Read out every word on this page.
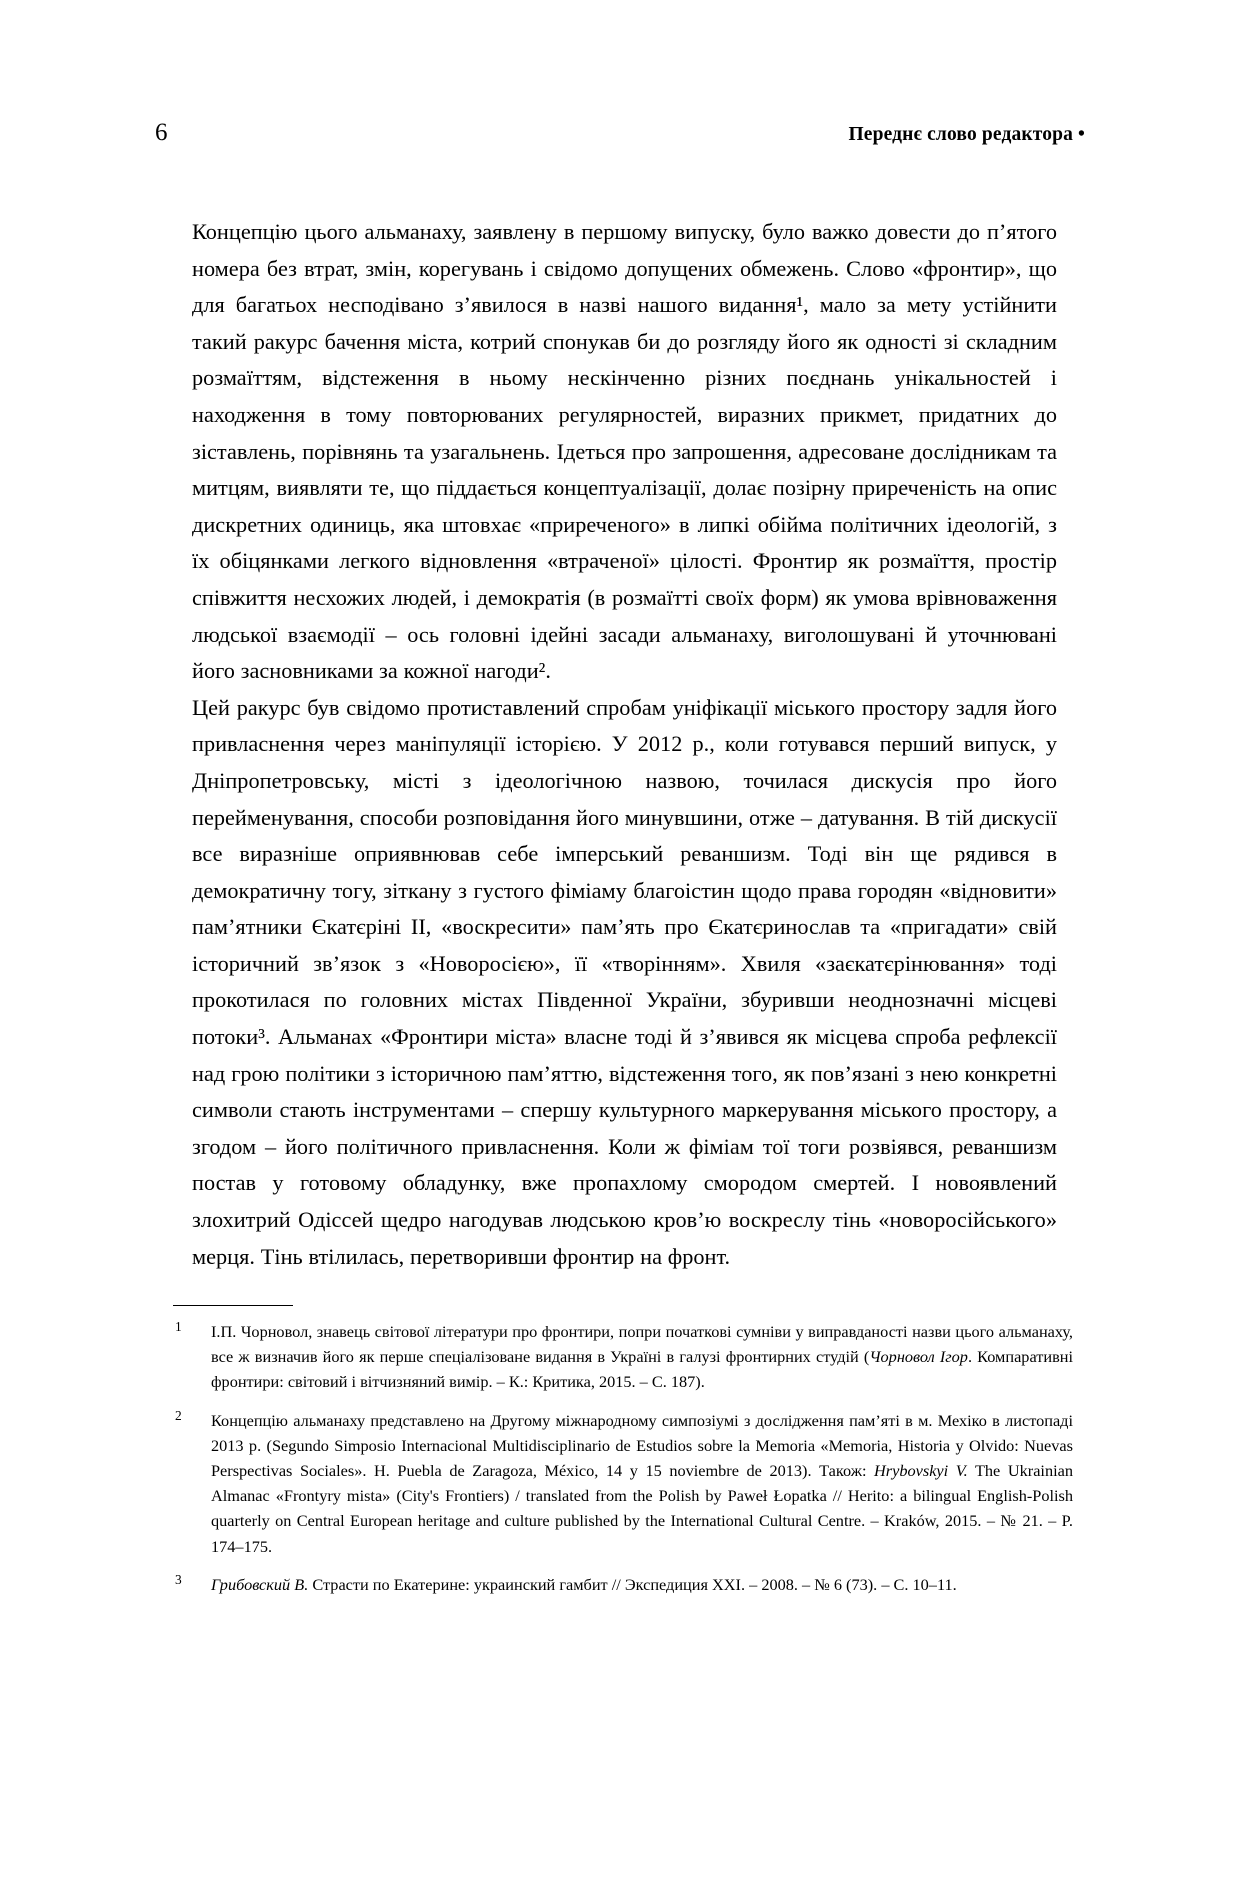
6	Переднє слово редактора •

Концепцію цього альманаху, заявлену в першому випуску, було важко довести до п’ятого номера без втрат, змін, корегувань і свідомо допущених обмежень. Слово «фронтир», що для багатьох несподівано з’явилося в назві нашого видання¹, мало за мету устійнити такий ракурс бачення міста, котрий спонукав би до розгляду його як одності зі складним розмаїттям, відстеження в ньому нескінченно різних поєднань унікальностей і находження в тому повторюваних регулярностей, виразних прикмет, придатних до зіставлень, порівнянь та узагальнень. Ідеться про запрошення, адресоване дослідникам та митцям, виявляти те, що піддається концептуалізації, долає позірну приреченість на опис дискретних одиниць, яка штовхає «приреченого» в липкі обійма політичних ідеологій, з їх обіцянками легкого відновлення «втраченої» цілості. Фронтир як розмаїття, простір співжиття несхожих людей, і демократія (в розмаїтті своїх форм) як умова врівноваження людської взаємодії – ось головні ідейні засади альманаху, виголошувані й уточнювані його засновниками за кожної нагоди².

Цей ракурс був свідомо протиставлений спробам уніфікації міського простору задля його привласнення через маніпуляції історією. У 2012 р., коли готувався перший випуск, у Дніпропетровську, місті з ідеологічною назвою, точилася дискусія про його перейменування, способи розповідання його минувшини, отже – датування. В тій дискусії все виразніше оприявнював себе імперський реваншизм. Тоді він ще рядився в демократичну тогу, зіткану з густого фіміаму благоістин щодо права городян «відновити» пам’ятники Єкатєріні ІІ, «воскресити» пам’ять про Єкатєринослав та «пригадати» свій історичний зв’язок з «Новоросією», її «творінням». Хвиля «заєкатєрінювання» тоді прокотилася по головних містах Південної України, збуривши неоднозначні місцеві потоки³. Альманах «Фронтири міста» власне тоді й з’явився як місцева спроба рефлексії над грою політики з історичною пам’яттю, відстеження того, як пов’язані з нею конкретні символи стають інструментами – спершу культурного маркерування міського простору, а згодом – його політичного привласнення. Коли ж фіміам тої тоги розвіявся, реваншизм постав у готовому обладунку, вже пропахлому смородом смертей. І новоявлений злохитрий Одіссей щедро нагодував людською кров’ю воскреслу тінь «новоросійського» мерця. Тінь втілилась, перетворивши фронтир на фронт.

1 І.П. Чорновол, знавець світової літератури про фронтири, попри початкові сумніви у виправданості назви цього альманаху, все ж визначив його як перше спеціалізоване видання в Україні в галузі фронтирних студій (Чорновол Ігор. Компаративні фронтири: світовий і вітчизняний вимір. – К.: Критика, 2015. – С. 187).
2 Концепцію альманаху представлено на Другому міжнародному симпозіумі з дослідження пам’яті в м. Мехіко в листопаді 2013 р. (Segundo Simposio Internacional Multidisciplinario de Estudios sobre la Memoria «Memoria, Historia y Olvido: Nuevas Perspectivas Sociales». H. Puebla de Zaragoza, México, 14 y 15 noviembre de 2013). Також: Hrybovskyi V. The Ukrainian Almanac «Frontyry mista» (City's Frontiers) / translated from the Polish by Paweł Łopatka // Herito: a bilingual English-Polish quarterly on Central European heritage and culture published by the International Cultural Centre. – Kraków, 2015. – № 21. – P. 174–175.
3 Грибовский В. Страсти по Екатерине: украинский гамбит // Экспедиция XXI. – 2008. – № 6 (73). – С. 10–11.
